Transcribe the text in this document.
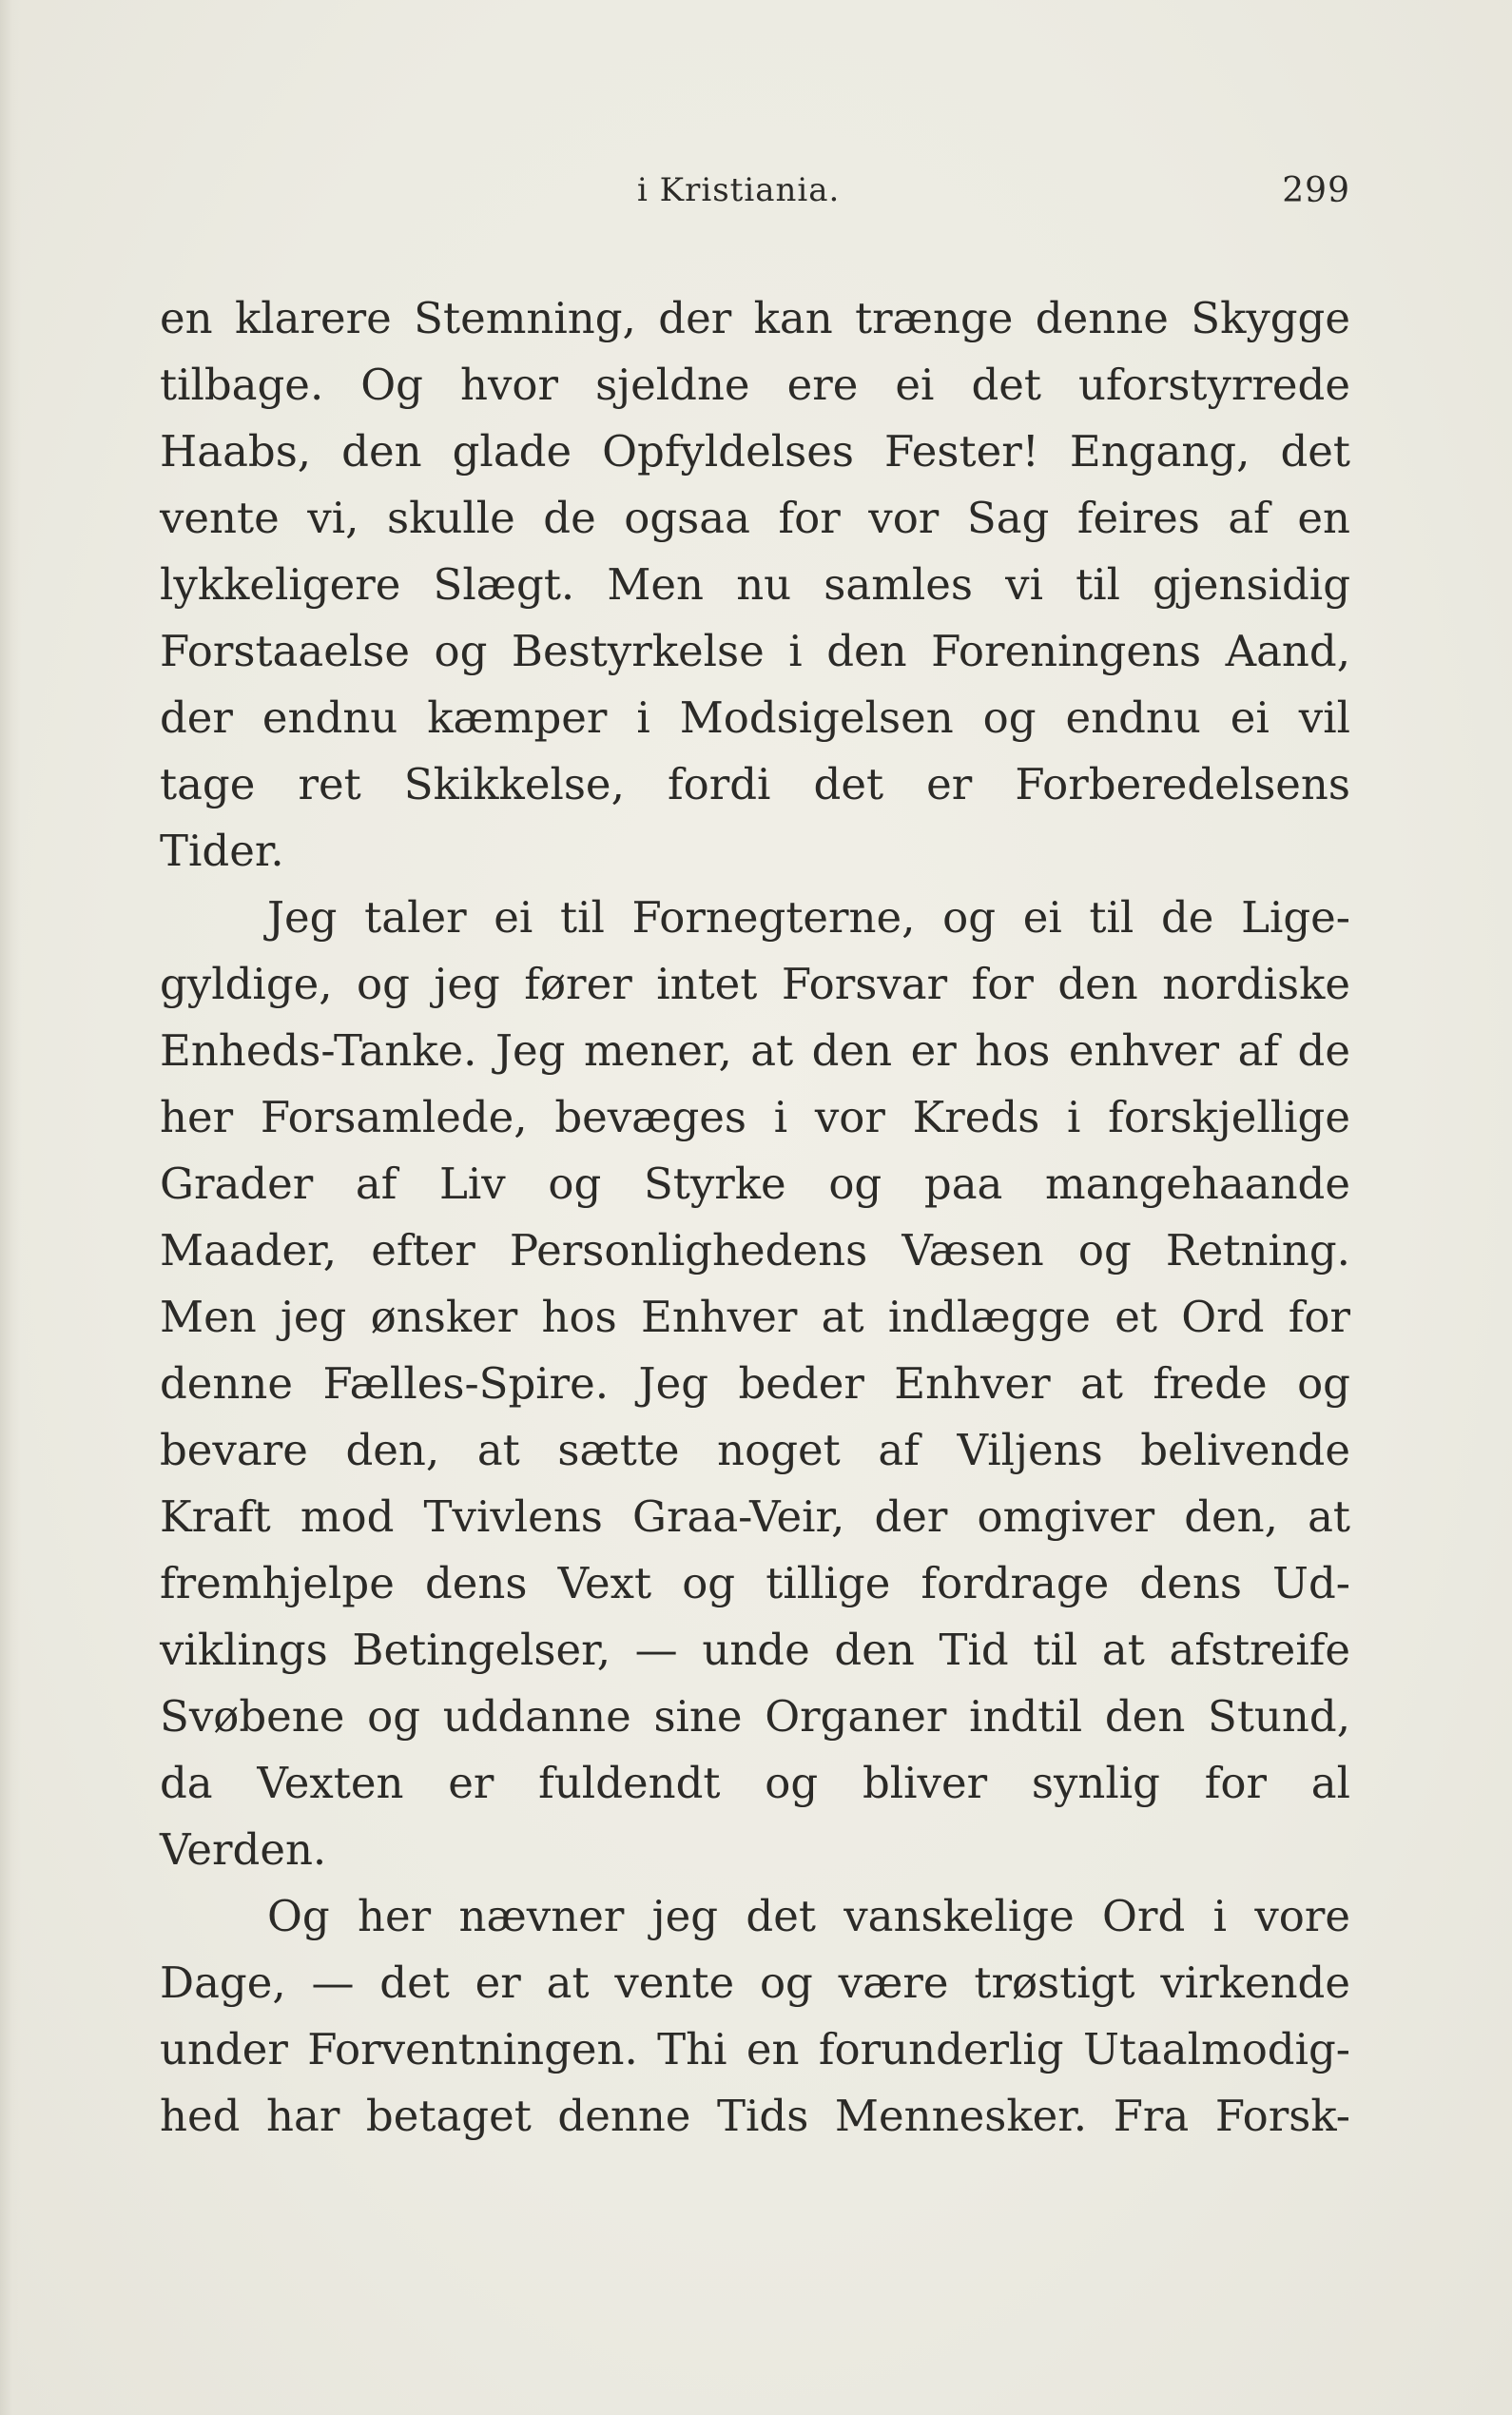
i Kristiania.	299
en klarere Stemning, der kan trænge denne Skygge
tilbage. Og hvor sjeldne ere ei det uforstyrrede
Haabs, den glade Opfyldelses Fester! Engang, det
vente vi, skulle de ogsaa for vor Sag feires af en
lykkeligere Slægt. Men nu samles vi til gjensidig
Forstaaelse og Bestyrkelse i den Foreningens Aand,
der endnu kæmper i Modsigelsen og endnu ei vil
tage ret Skikkelse, fordi det er Forberedelsens
Tider.
Jeg taler ei til Fornegterne, og ei til de Lige-
gyldige, og jeg fører intet Forsvar for den nordiske
Enheds-Tanke. Jeg mener, at den er hos enhver af de
her Forsamlede, bevæges i vor Kreds i forskjellige
Grader af Liv og Styrke og paa mangehaande
Maader, efter Personlighedens Væsen og Retning.
Men jeg ønsker hos Enhver at indlægge et Ord for
denne Fælles-Spire. Jeg beder Enhver at frede og
bevare den, at sætte noget af Viljens belivende
Kraft mod Tvivlens Graa-Veir, der omgiver den, at
fremhjelpe dens Vext og tillige fordrage dens Ud-
viklings Betingelser, — unde den Tid til at afstreife
Svøbene og uddanne sine Organer indtil den Stund,
da Vexten er fuldendt og bliver synlig for al
Verden.
Og her nævner jeg det vanskelige Ord i vore
Dage, — det er at vente og være trøstigt virkende
under Forventningen. Thi en forunderlig Utaalmodig-
hed har betaget denne Tids Mennesker. Fra Forsk-
